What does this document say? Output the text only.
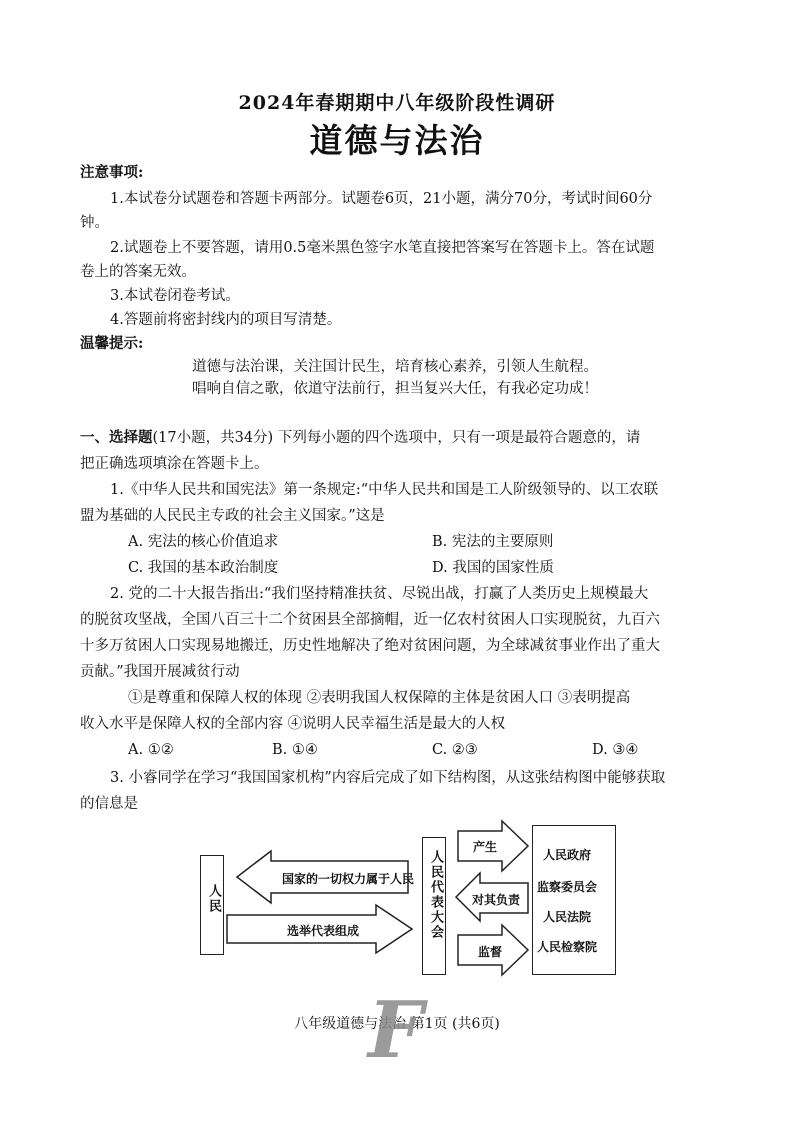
2024年春期期中八年级阶段性调研
道德与法治
注意事项:
1.本试卷分试题卷和答题卡两部分。试题卷6页，21小题，满分70分，考试时间60分
钟。
2.试题卷上不要答题，请用0.5毫米黑色签字水笔直接把答案写在答题卡上。答在试题
卷上的答案无效。
3.本试卷闭卷考试。
4.答题前将密封线内的项目写清楚。
温馨提示:
道德与法治课，关注国计民生，培育核心素养，引领人生航程。
唱响自信之歌，依道守法前行，担当复兴大任，有我必定功成！
一、选择题(17小题，共34分) 下列每小题的四个选项中，只有一项是最符合题意的，请
把正确选项填涂在答题卡上。
1.《中华人民共和国宪法》第一条规定:“中华人民共和国是工人阶级领导的、以工农联
盟为基础的人民民主专政的社会主义国家。”这是
A. 宪法的核心价值追求	B. 宪法的主要原则
C. 我国的基本政治制度	D. 我国的国家性质
2. 党的二十大报告指出:“我们坚持精准扶贫、尽锐出战，打赢了人类历史上规模最大
的脱贫攻坚战，全国八百三十二个贫困县全部摘帽，近一亿农村贫困人口实现脱贫，九百六
十多万贫困人口实现易地搬迁，历史性地解决了绝对贫困问题，为全球减贫事业作出了重大
贡献。”我国开展减贫行动
①是尊重和保障人权的体现 ②表明我国人权保障的主体是贫困人口 ③表明提高
收入水平是保障人权的全部内容 ④说明人民幸福生活是最大的人权
A. ①②	B. ①④	C. ②③	D. ③④
3. 小睿同学在学习“我国国家机构”内容后完成了如下结构图，从这张结构图中能够获取
的信息是
人民
国家的一切权力属于人民
选举代表组成	人民代表大会
产生
对其负责
监督
人民政府
监察委员会
人民法院
人民检察院
八年级道德与法治 第1页 (共6页)
F
